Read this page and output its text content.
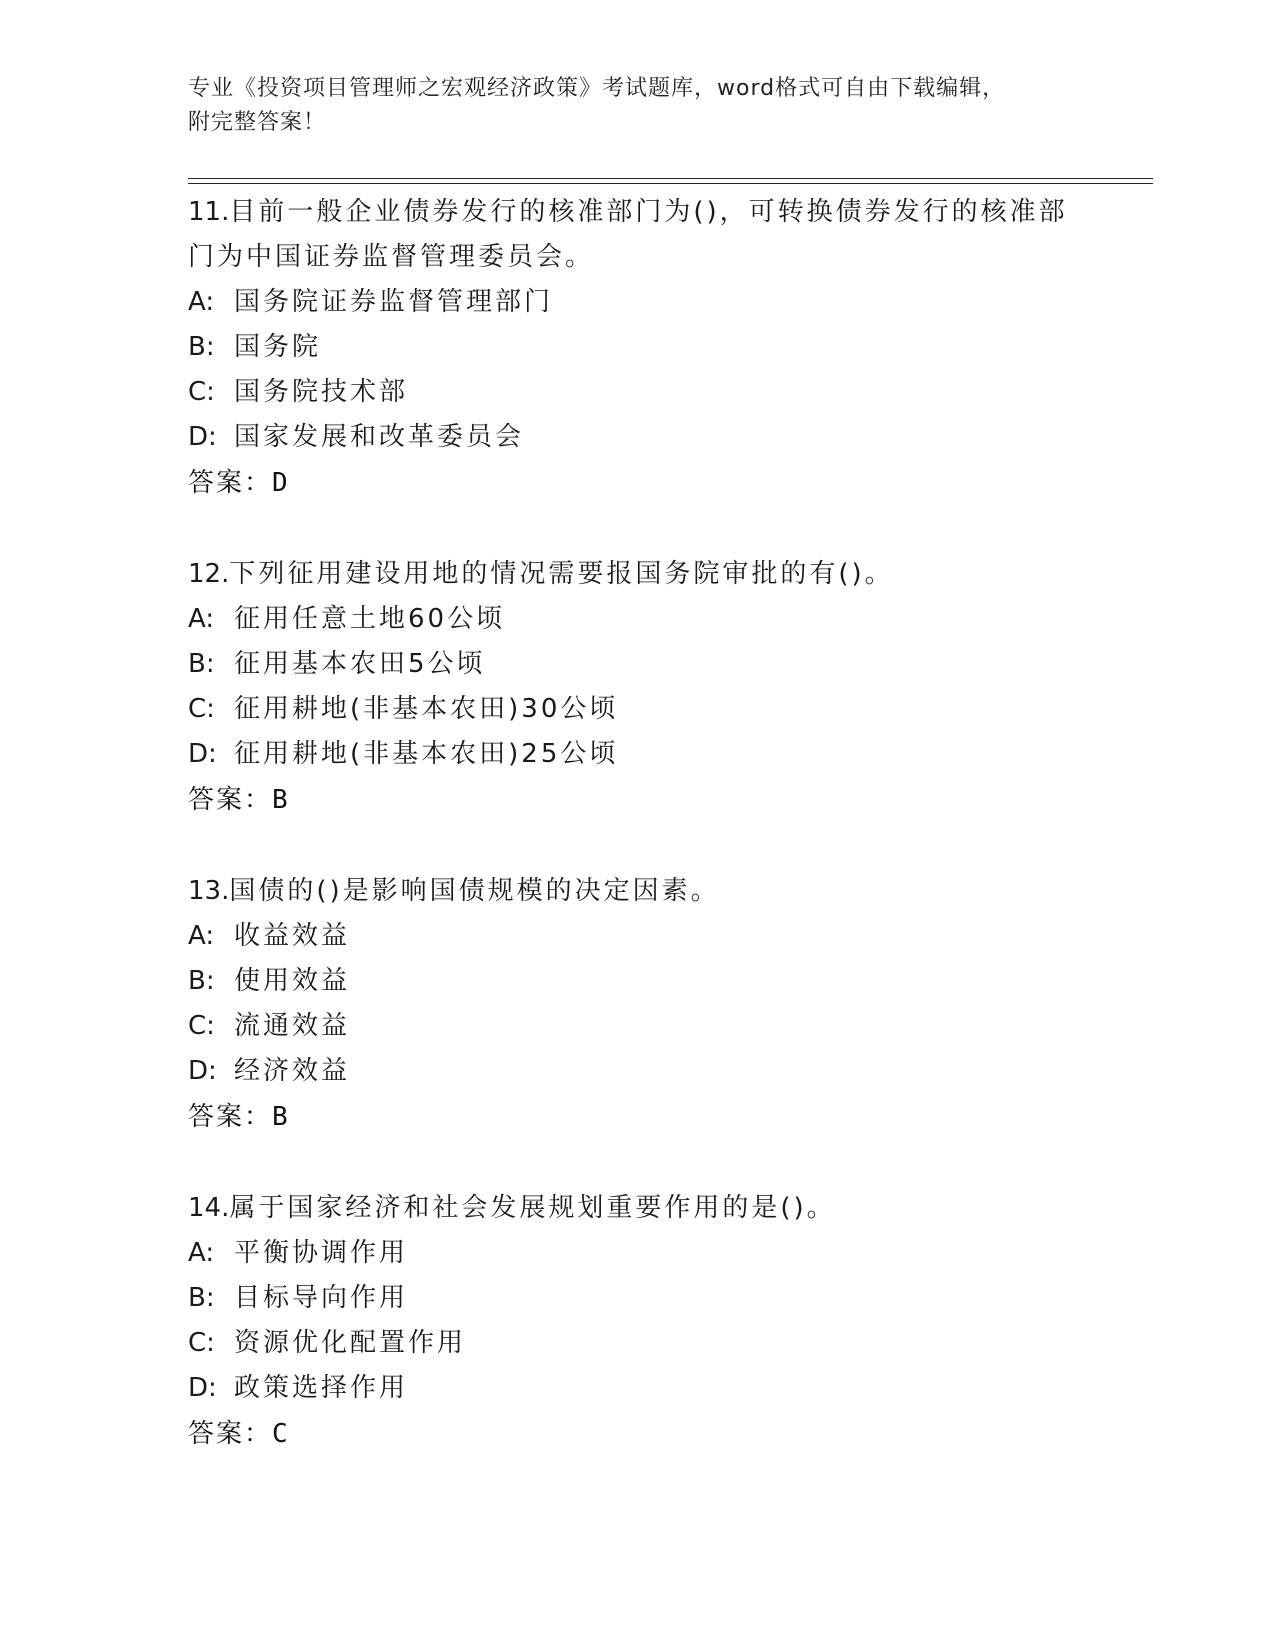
专业《投资项目管理师之宏观经济政策》考试题库，word格式可自由下载编辑，
附完整答案！
11.目前一般企业债券发行的核准部门为()，可转换债券发行的核准部门为中国证券监督管理委员会。
A: 国务院证券监督管理部门
B: 国务院
C: 国务院技术部
D: 国家发展和改革委员会
答案：D
12.下列征用建设用地的情况需要报国务院审批的有()。
A: 征用任意土地60公顷
B: 征用基本农田5公顷
C: 征用耕地(非基本农田)30公顷
D: 征用耕地(非基本农田)25公顷
答案：B
13.国债的()是影响国债规模的决定因素。
A: 收益效益
B: 使用效益
C: 流通效益
D: 经济效益
答案：B
14.属于国家经济和社会发展规划重要作用的是()。
A: 平衡协调作用
B: 目标导向作用
C: 资源优化配置作用
D: 政策选择作用
答案：C
